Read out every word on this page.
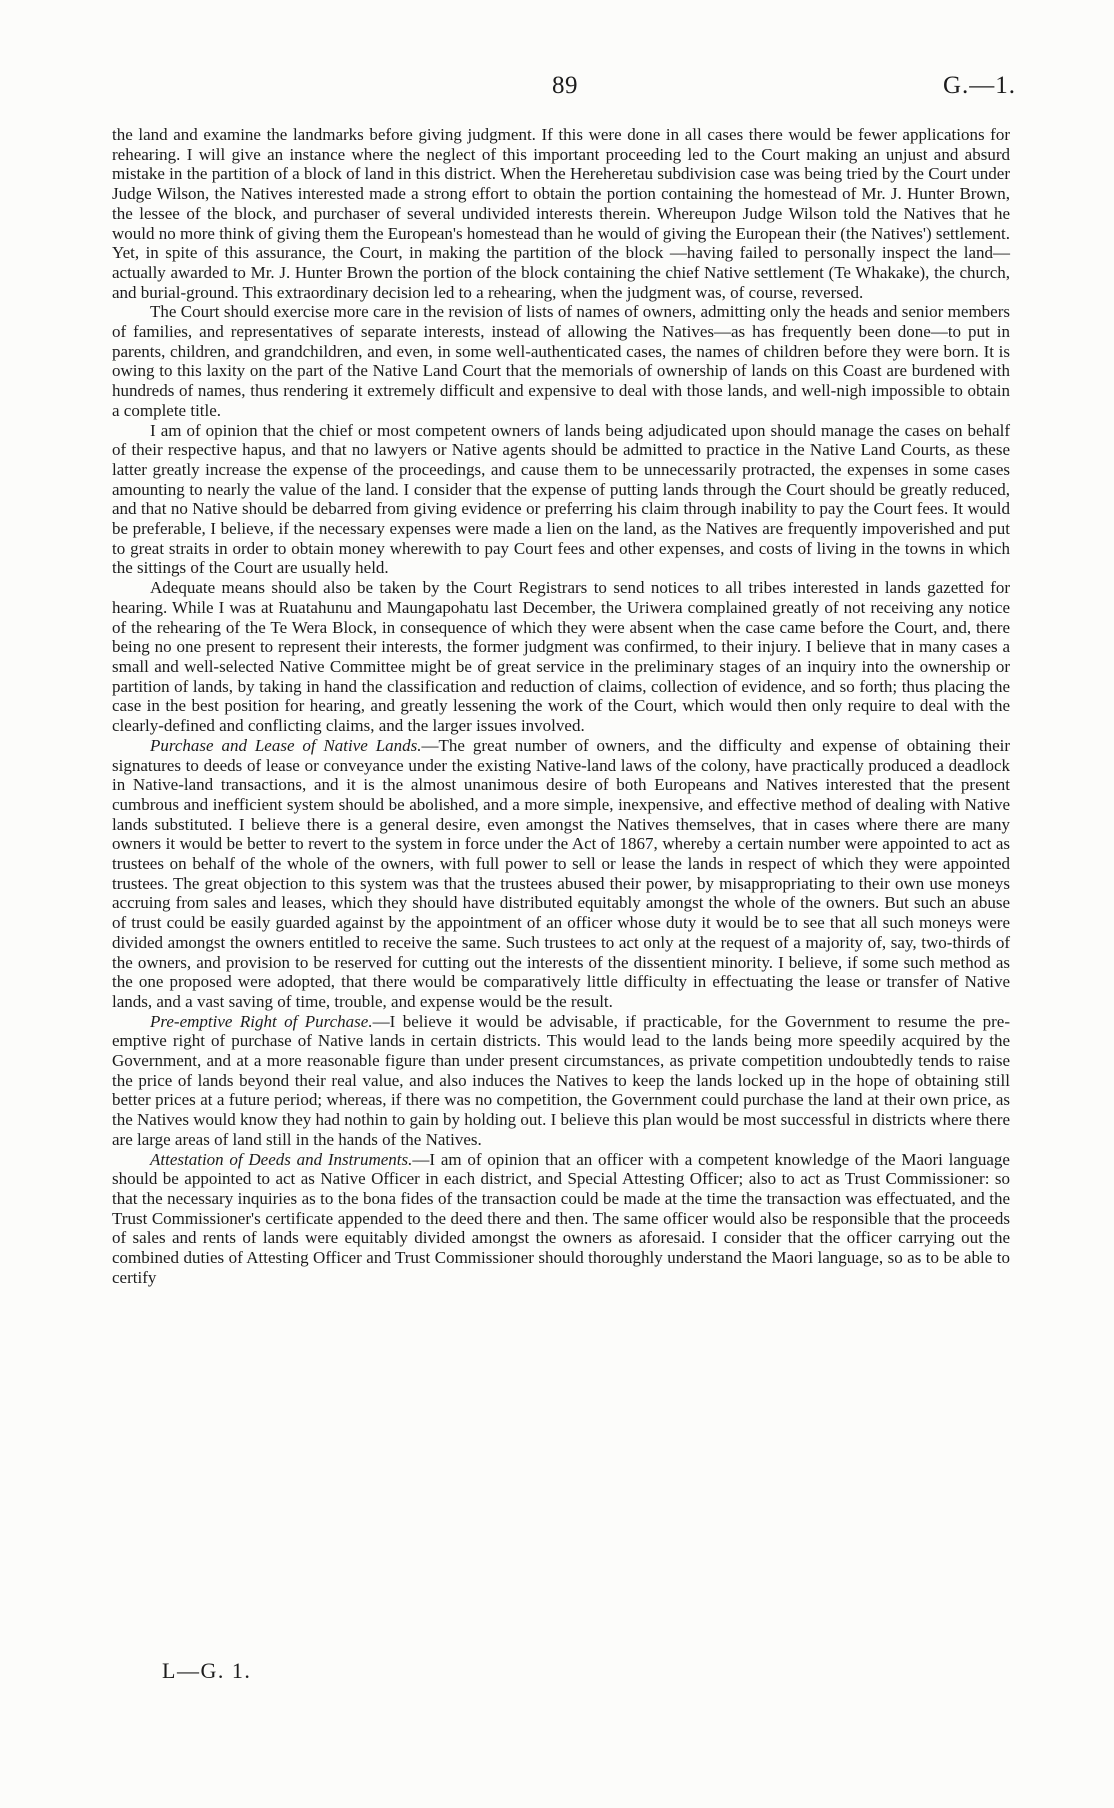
89	G.—1.

the land and examine the landmarks before giving judgment. If this were done in all cases there would be fewer applications for rehearing. I will give an instance where the neglect of this important proceeding led to the Court making an unjust and absurd mistake in the partition of a block of land in this district. When the Hereheretau subdivision case was being tried by the Court under Judge Wilson, the Natives interested made a strong effort to obtain the portion containing the homestead of Mr. J. Hunter Brown, the lessee of the block, and purchaser of several undivided interests therein. Whereupon Judge Wilson told the Natives that he would no more think of giving them the European's homestead than he would of giving the European their (the Natives') settlement. Yet, in spite of this assurance, the Court, in making the partition of the block —having failed to personally inspect the land—actually awarded to Mr. J. Hunter Brown the portion of the block containing the chief Native settlement (Te Whakake), the church, and burial-ground. This extraordinary decision led to a rehearing, when the judgment was, of course, reversed.

The Court should exercise more care in the revision of lists of names of owners, admitting only the heads and senior members of families, and representatives of separate interests, instead of allowing the Natives—as has frequently been done—to put in parents, children, and grandchildren, and even, in some well-authenticated cases, the names of children before they were born. It is owing to this laxity on the part of the Native Land Court that the memorials of ownership of lands on this Coast are burdened with hundreds of names, thus rendering it extremely difficult and expensive to deal with those lands, and well-nigh impossible to obtain a complete title.

I am of opinion that the chief or most competent owners of lands being adjudicated upon should manage the cases on behalf of their respective hapus, and that no lawyers or Native agents should be admitted to practice in the Native Land Courts, as these latter greatly increase the expense of the proceedings, and cause them to be unnecessarily protracted, the expenses in some cases amounting to nearly the value of the land. I consider that the expense of putting lands through the Court should be greatly reduced, and that no Native should be debarred from giving evidence or preferring his claim through inability to pay the Court fees. It would be preferable, I believe, if the necessary expenses were made a lien on the land, as the Natives are frequently impoverished and put to great straits in order to obtain money wherewith to pay Court fees and other expenses, and costs of living in the towns in which the sittings of the Court are usually held.

Adequate means should also be taken by the Court Registrars to send notices to all tribes interested in lands gazetted for hearing. While I was at Ruatahunu and Maungapohatu last December, the Uriwera complained greatly of not receiving any notice of the rehearing of the Te Wera Block, in consequence of which they were absent when the case came before the Court, and, there being no one present to represent their interests, the former judgment was confirmed, to their injury. I believe that in many cases a small and well-selected Native Committee might be of great service in the preliminary stages of an inquiry into the ownership or partition of lands, by taking in hand the classification and reduction of claims, collection of evidence, and so forth; thus placing the case in the best position for hearing, and greatly lessening the work of the Court, which would then only require to deal with the clearly-defined and conflicting claims, and the larger issues involved.

Purchase and Lease of Native Lands.—The great number of owners, and the difficulty and expense of obtaining their signatures to deeds of lease or conveyance under the existing Native-land laws of the colony, have practically produced a deadlock in Native-land transactions, and it is the almost unanimous desire of both Europeans and Natives interested that the present cumbrous and inefficient system should be abolished, and a more simple, inexpensive, and effective method of dealing with Native lands substituted. I believe there is a general desire, even amongst the Natives themselves, that in cases where there are many owners it would be better to revert to the system in force under the Act of 1867, whereby a certain number were appointed to act as trustees on behalf of the whole of the owners, with full power to sell or lease the lands in respect of which they were appointed trustees. The great objection to this system was that the trustees abused their power, by misappropriating to their own use moneys accruing from sales and leases, which they should have distributed equitably amongst the whole of the owners. But such an abuse of trust could be easily guarded against by the appointment of an officer whose duty it would be to see that all such moneys were divided amongst the owners entitled to receive the same. Such trustees to act only at the request of a majority of, say, two-thirds of the owners, and provision to be reserved for cutting out the interests of the dissentient minority. I believe, if some such method as the one proposed were adopted, that there would be comparatively little difficulty in effectuating the lease or transfer of Native lands, and a vast saving of time, trouble, and expense would be the result.

Pre-emptive Right of Purchase.—I believe it would be advisable, if practicable, for the Government to resume the pre-emptive right of purchase of Native lands in certain districts. This would lead to the lands being more speedily acquired by the Government, and at a more reasonable figure than under present circumstances, as private competition undoubtedly tends to raise the price of lands beyond their real value, and also induces the Natives to keep the lands locked up in the hope of obtaining still better prices at a future period; whereas, if there was no competition, the Government could purchase the land at their own price, as the Natives would know they had nothin to gain by holding out. I believe this plan would be most successful in districts where there are large areas of land still in the hands of the Natives.

Attestation of Deeds and Instruments.—I am of opinion that an officer with a competent knowledge of the Maori language should be appointed to act as Native Officer in each district, and Special Attesting Officer; also to act as Trust Commissioner: so that the necessary inquiries as to the bona fides of the transaction could be made at the time the transaction was effectuated, and the Trust Commissioner's certificate appended to the deed there and then. The same officer would also be responsible that the proceeds of sales and rents of lands were equitably divided amongst the owners as aforesaid. I consider that the officer carrying out the combined duties of Attesting Officer and Trust Commissioner should thoroughly understand the Maori language, so as to be able to certify

L—G. 1.
